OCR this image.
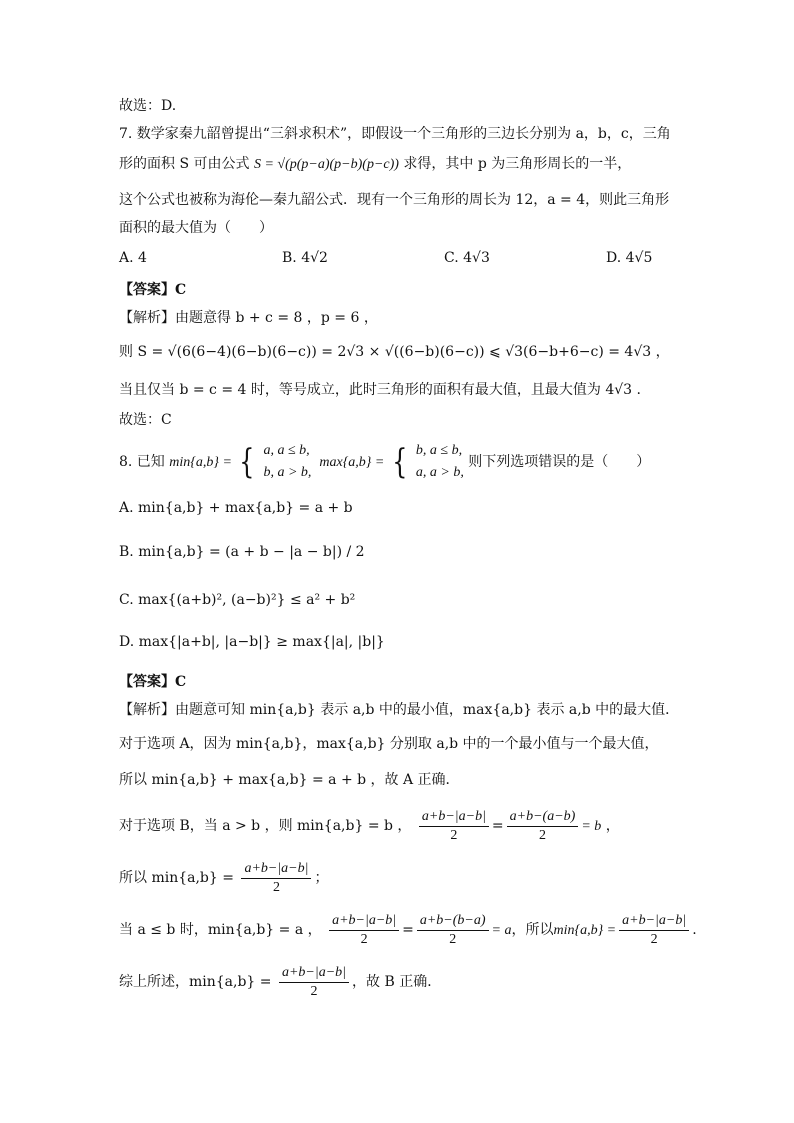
故选：D.
7. 数学家秦九韶曾提出“三斜求积术”，即假设一个三角形的三边长分别为 a，b，c，三角
形的面积 S 可由公式 S = √(p(p−a)(p−b)(p−c)) 求得，其中 p 为三角形周长的一半，
这个公式也被称为海伦—秦九韶公式．现有一个三角形的周长为 12，a = 4，则此三角形
面积的最大值为（　　）
A. 4	B. 4√2	C. 4√3	D. 4√5
【答案】C
【解析】由题意得 b + c = 8 ，p = 6 ，
则 S = √(6(6−4)(6−b)(6−c)) = 2√3 × √((6−b)(6−c)) ⩽ √3(6−b+6−c) = 4√3 ，
当且仅当 b = c = 4 时，等号成立，此时三角形的面积有最大值，且最大值为 4√3 .
故选：C
8. 已知 min{a,b} = { a, a ≤ b,
b, a > b,
max{a,b} = { b, a ≤ b,
a, a > b,
则下列选项错误的是（　　）
A. min{a,b} + max{a,b} = a + b
B. min{a,b} = (a + b − |a − b|) / 2
C. max{(a+b)², (a−b)²} ≤ a² + b²
D. max{|a+b|, |a−b|} ≥ max{|a|, |b|}
【答案】C
【解析】由题意可知 min{a,b} 表示 a,b 中的最小值，max{a,b} 表示 a,b 中的最大值．
对于选项 A，因为 min{a,b}，max{a,b} 分别取 a,b 中的一个最小值与一个最大值，
所以 min{a,b} + max{a,b} = a + b ，故 A 正确．
对于选项 B，当 a > b ，则 min{a,b} = b ， $\frac{a+b-|a-b|}{2} = \frac{a+b-(a-b)}{2} = b$ ，
所以 $\min\{a,b\} = \frac{a+b-|a-b|}{2}$ ；
当 a ≤ b 时，min{a,b} = a ， $\frac{a+b-|a-b|}{2} = \frac{a+b-(b-a)}{2} = a$，所以$\min\{a,b\} = \frac{a+b-|a-b|}{2}$ .
综上所述，$\min\{a,b\} = \frac{a+b-|a-b|}{2}$ ，故 B 正确．
